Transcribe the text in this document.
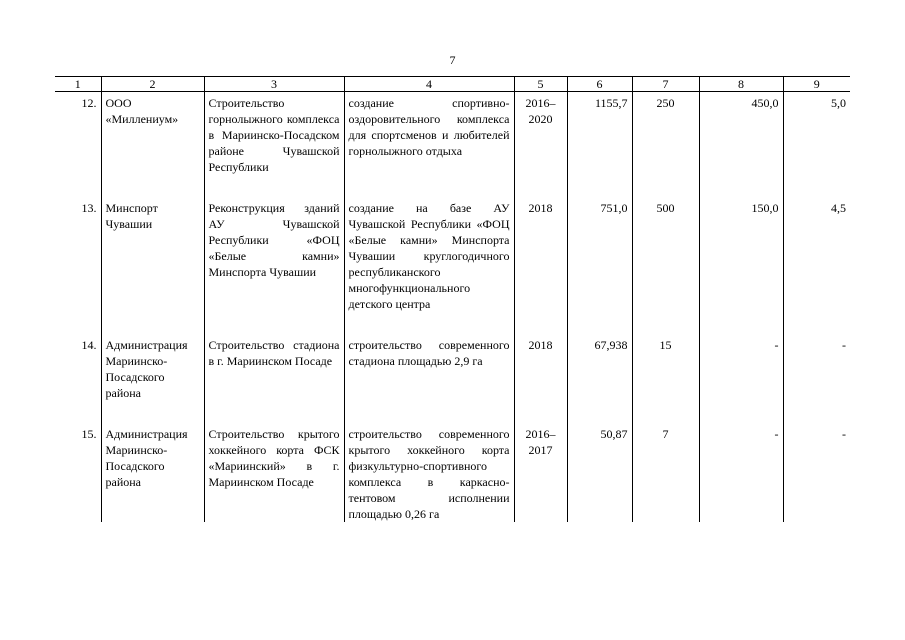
7
1	2	3	4	5	6	7	8	9
12.	ООО «Миллениум»	Строительство горнолыжного комплекса в Мариинско-Посадском районе Чувашской Республики	создание спортивно-оздоровительного комплекса для спортсменов и любителей горнолыжного отдыха	2016–2020	1155,7	250	450,0	5,0

13.	Минспорт Чувашии	Реконструкция зданий АУ Чувашской Республики «ФОЦ «Белые камни» Минспорта Чувашии	создание на базе АУ Чувашской Республики «ФОЦ «Белые камни» Минспорта Чувашии круглогодичного республиканского многофункционального детского центра	2018	751,0	500	150,0	4,5

14.	Администрация Мариинско-Посадского района	Строительство стадиона в г. Мариинском Посаде	строительство современного стадиона площадью 2,9 га	2018	67,938	15	-	-

15.	Администрация Мариинско-Посадского района	Строительство крытого хоккейного корта ФСК «Мариинский» в г. Мариинском Посаде	строительство современного крытого хоккейного корта физкультурно-спортивного комплекса в каркасно-тентовом исполнении площадью 0,26 га	2016–2017	50,87	7	-	-
